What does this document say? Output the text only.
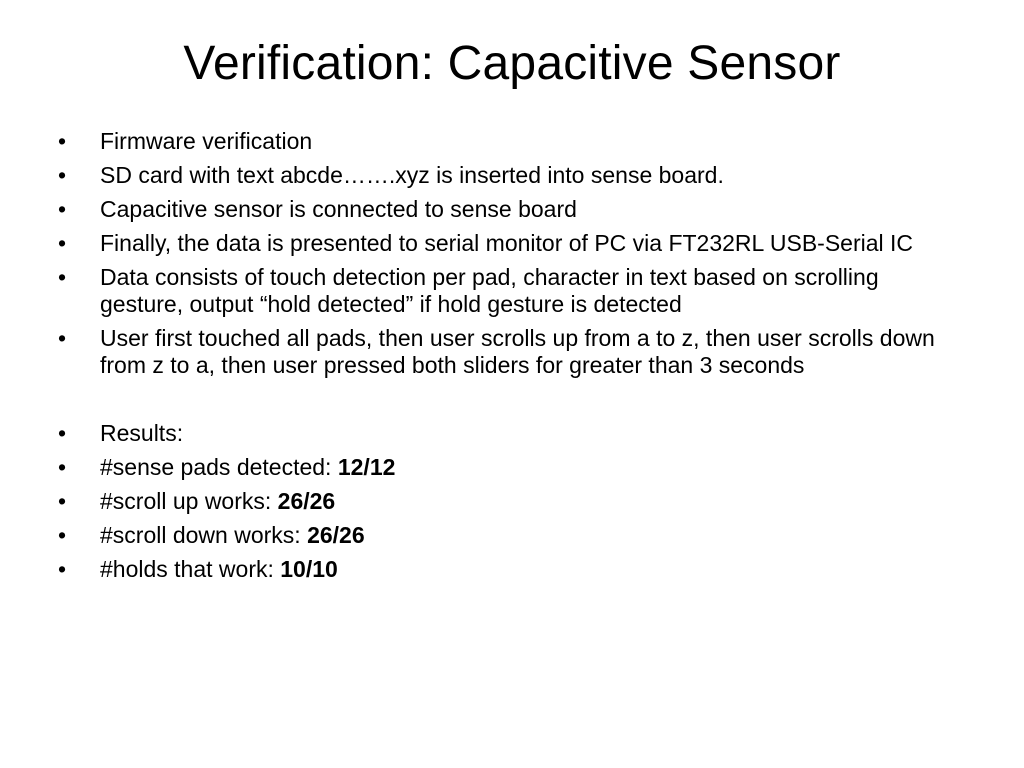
Verification: Capacitive Sensor
•	Firmware verification
•	SD card with text abcde…….xyz is inserted into sense board.
•	Capacitive sensor is connected to sense board
•	Finally, the data is presented to serial monitor of PC via FT232RL USB-Serial IC
•	Data consists of touch detection per pad, character in text based on scrolling gesture, output “hold detected” if hold gesture is detected
•	User first touched all pads, then user scrolls up from a to z, then user scrolls down from z to a, then user pressed both sliders for greater than 3 seconds
•	Results:
•	#sense pads detected: 12/12
•	#scroll up works: 26/26
•	#scroll down works: 26/26
•	#holds that work: 10/10
